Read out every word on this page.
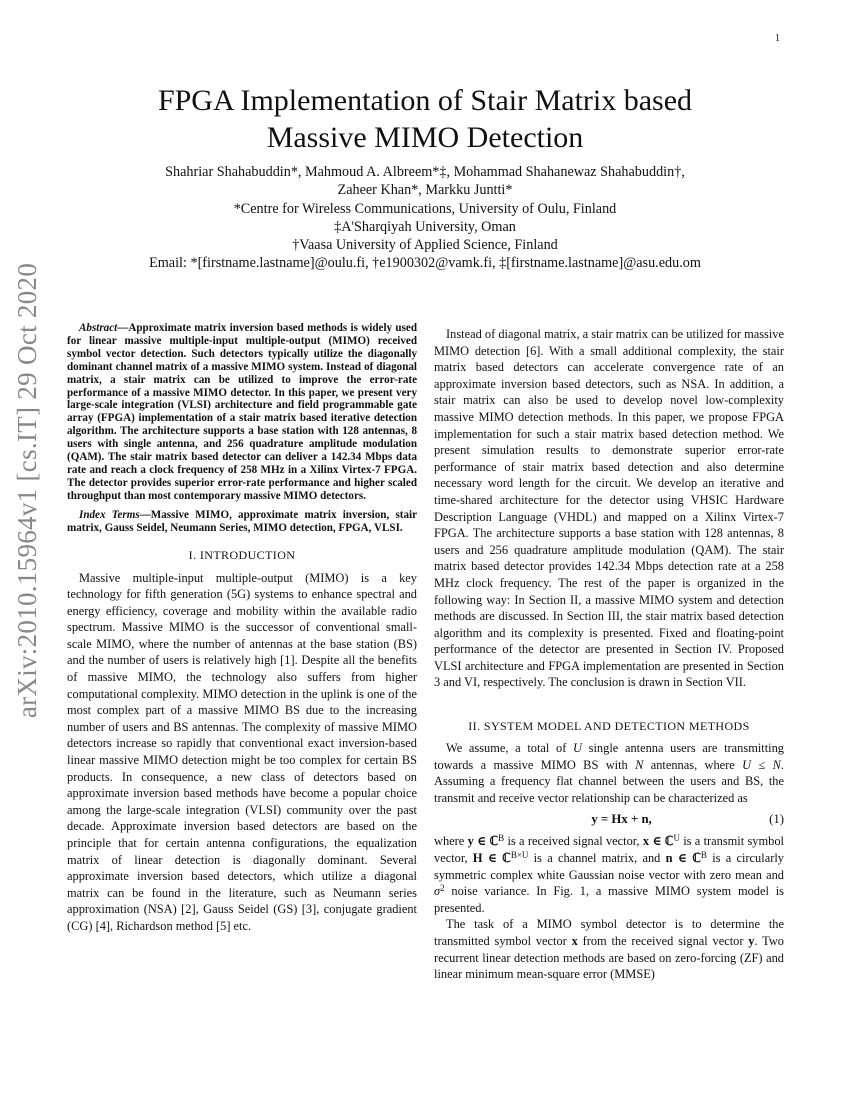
1
arXiv:2010.15964v1 [cs.IT] 29 Oct 2020
FPGA Implementation of Stair Matrix based
Massive MIMO Detection
Shahriar Shahabuddin*, Mahmoud A. Albreem*‡, Mohammad Shahanewaz Shahabuddin†,
Zaheer Khan*, Markku Juntti*
*Centre for Wireless Communications, University of Oulu, Finland
‡A'Sharqiyah University, Oman
†Vaasa University of Applied Science, Finland
Email: *[firstname.lastname]@oulu.fi, †e1900302@vamk.fi, ‡[firstname.lastname]@asu.edu.om

Abstract—Approximate matrix inversion based methods is widely used for linear massive multiple-input multiple-output (MIMO) received symbol vector detection. Such detectors typically utilize the diagonally dominant channel matrix of a massive MIMO system. Instead of diagonal matrix, a stair matrix can be utilized to improve the error-rate performance of a massive MIMO detector. In this paper, we present very large-scale integration (VLSI) architecture and field programmable gate array (FPGA) implementation of a stair matrix based iterative detection algorithm. The architecture supports a base station with 128 antennas, 8 users with single antenna, and 256 quadrature amplitude modulation (QAM). The stair matrix based detector can deliver a 142.34 Mbps data rate and reach a clock frequency of 258 MHz in a Xilinx Virtex-7 FPGA. The detector provides superior error-rate performance and higher scaled throughput than most contemporary massive MIMO detectors.

Index Terms—Massive MIMO, approximate matrix inversion, stair matrix, Gauss Seidel, Neumann Series, MIMO detection, FPGA, VLSI.

I. INTRODUCTION

Massive multiple-input multiple-output (MIMO) is a key technology for fifth generation (5G) systems to enhance spectral and energy efficiency, coverage and mobility within the available radio spectrum. Massive MIMO is the successor of conventional small-scale MIMO, where the number of antennas at the base station (BS) and the number of users is relatively high [1]. Despite all the benefits of massive MIMO, the technology also suffers from higher computational complexity. MIMO detection in the uplink is one of the most complex part of a massive MIMO BS due to the increasing number of users and BS antennas. The complexity of massive MIMO detectors increase so rapidly that conventional exact inversion-based linear massive MIMO detection might be too complex for certain BS products. In consequence, a new class of detectors based on approximate inversion based methods have become a popular choice among the large-scale integration (VLSI) community over the past decade. Approximate inversion based detectors are based on the principle that for certain antenna configurations, the equalization matrix of linear detection is diagonally dominant. Several approximate inversion based detectors, which utilize a diagonal matrix can be found in the literature, such as Neumann series approximation (NSA) [2], Gauss Seidel (GS) [3], conjugate gradient (CG) [4], Richardson method [5] etc.

Instead of diagonal matrix, a stair matrix can be utilized for massive MIMO detection [6]. With a small additional complexity, the stair matrix based detectors can accelerate convergence rate of an approximate inversion based detectors, such as NSA. In addition, a stair matrix can also be used to develop novel low-complexity massive MIMO detection methods. In this paper, we propose FPGA implementation for such a stair matrix based detection method. We present simulation results to demonstrate superior error-rate performance of stair matrix based detection and also determine necessary word length for the circuit. We develop an iterative and time-shared architecture for the detector using VHSIC Hardware Description Language (VHDL) and mapped on a Xilinx Virtex-7 FPGA. The architecture supports a base station with 128 antennas, 8 users and 256 quadrature amplitude modulation (QAM). The stair matrix based detector provides 142.34 Mbps detection rate at a 258 MHz clock frequency. The rest of the paper is organized in the following way: In Section II, a massive MIMO system and detection methods are discussed. In Section III, the stair matrix based detection algorithm and its complexity is presented. Fixed and floating-point performance of the detector are presented in Section IV. Proposed VLSI architecture and FPGA implementation are presented in Section 3 and VI, respectively. The conclusion is drawn in Section VII.

II. SYSTEM MODEL AND DETECTION METHODS

We assume, a total of U single antenna users are transmitting towards a massive MIMO BS with N antennas, where U ≤ N. Assuming a frequency flat channel between the users and BS, the transmit and receive vector relationship can be characterized as

y = Hx + n,	(1)

where y ∈ ℂ$^B$ is a received signal vector, x ∈ ℂ$^U$ is a transmit symbol vector, H ∈ ℂ$^{B\times U}$ is a channel matrix, and n ∈ ℂ$^B$ is a circularly symmetric complex white Gaussian noise vector with zero mean and $\sigma^2$ noise variance. In Fig. 1, a massive MIMO system model is presented.

The task of a MIMO symbol detector is to determine the transmitted symbol vector x from the received signal vector y. Two recurrent linear detection methods are based on zero-forcing (ZF) and linear minimum mean-square error (MMSE)
